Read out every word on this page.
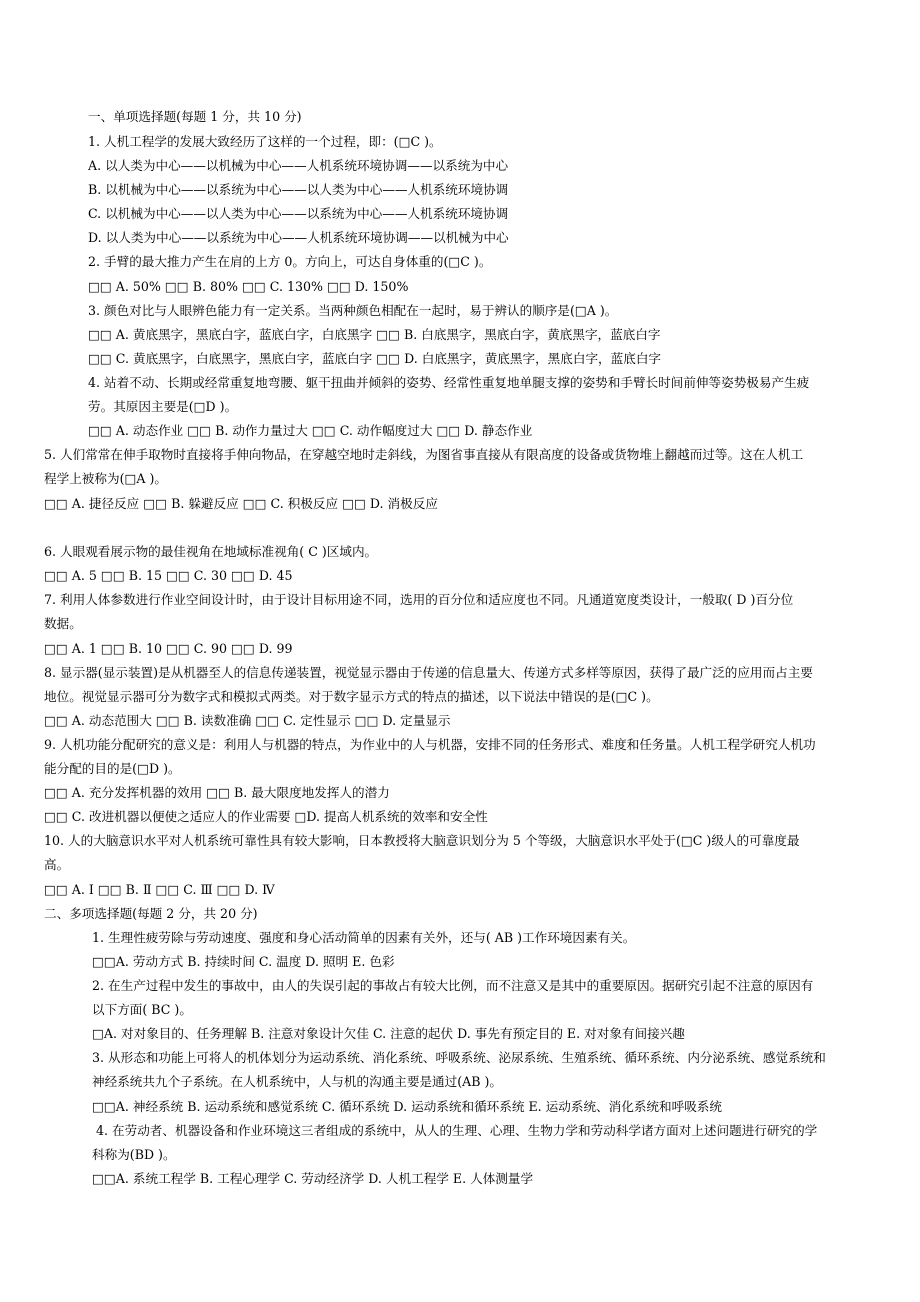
一、单项选择题(每题 1 分，共 10 分)
1. 人机工程学的发展大致经历了这样的一个过程，即：(□C )。
A. 以人类为中心——以机械为中心——人机系统环境协调——以系统为中心
B. 以机械为中心——以系统为中心——以人类为中心——人机系统环境协调
C. 以机械为中心——以人类为中心——以系统为中心——人机系统环境协调
D. 以人类为中心——以系统为中心——人机系统环境协调——以机械为中心
2. 手臂的最大推力产生在肩的上方 0。方向上，可达自身体重的(□C )。
□□ A. 50% □□ B. 80% □□ C. 130% □□ D. 150%
3. 颜色对比与人眼辨色能力有一定关系。当两种颜色相配在一起时，易于辨认的顺序是(□A )。
□□ A. 黄底黑字，黑底白字，蓝底白字，白底黑字 □□ B. 白底黑字，黑底白字，黄底黑字，蓝底白字
□□ C. 黄底黑字，白底黑字，黑底白字，蓝底白字 □□ D. 白底黑字，黄底黑字，黑底白字，蓝底白字
4. 站着不动、长期或经常重复地弯腰、躯干扭曲并倾斜的姿势、经常性重复地单腿支撑的姿势和手臂长时间前伸等姿势极易产生疲
劳。其原因主要是(□D )。
□□ A. 动态作业 □□ B. 动作力量过大 □□ C. 动作幅度过大 □□ D. 静态作业
5. 人们常常在伸手取物时直接将手伸向物品，在穿越空地时走斜线，为图省事直接从有限高度的设备或货物堆上翻越而过等。这在人机工
程学上被称为(□A )。
□□ A. 捷径反应 □□ B. 躲避反应 □□ C. 积极反应 □□ D. 消极反应
6. 人眼观看展示物的最佳视角在地域标准视角( C )区域内。
□□ A. 5 □□ B. 15 □□ C. 30 □□ D. 45
7. 利用人体参数进行作业空间设计时，由于设计目标用途不同，选用的百分位和适应度也不同。凡通道宽度类设计，一般取( D )百分位
数据。
□□ A. 1 □□ B. 10 □□ C. 90 □□ D. 99
8. 显示器(显示装置)是从机器至人的信息传递装置，视觉显示器由于传递的信息量大、传递方式多样等原因，获得了最广泛的应用而占主要
地位。视觉显示器可分为数字式和模拟式两类。对于数字显示方式的特点的描述，以下说法中错误的是(□C )。
□□ A. 动态范围大 □□ B. 读数准确 □□ C. 定性显示 □□ D. 定量显示
9. 人机功能分配研究的意义是：利用人与机器的特点，为作业中的人与机器，安排不同的任务形式、难度和任务量。人机工程学研究人机功
能分配的目的是(□D )。
□□ A. 充分发挥机器的效用 □□ B. 最大限度地发挥人的潜力
□□ C. 改进机器以便使之适应人的作业需要 □D. 提高人机系统的效率和安全性
10. 人的大脑意识水平对人机系统可靠性具有较大影响，日本教授将大脑意识划分为 5 个等级，大脑意识水平处于(□C )级人的可靠度最
高。
□□ A. Ⅰ □□ B. Ⅱ □□ C. Ⅲ □□ D. Ⅳ
二、多项选择题(每题 2 分，共 20 分)
1. 生理性疲劳除与劳动速度、强度和身心活动简单的因素有关外，还与( AB )工作环境因素有关。
□□A. 劳动方式 B. 持续时间 C. 温度 D. 照明 E. 色彩
2. 在生产过程中发生的事故中，由人的失误引起的事故占有较大比例，而不注意又是其中的重要原因。据研究引起不注意的原因有
以下方面( BC )。
□A. 对对象目的、任务理解 B. 注意对象设计欠佳 C. 注意的起伏 D. 事先有预定目的 E. 对对象有间接兴趣
3. 从形态和功能上可将人的机体划分为运动系统、消化系统、呼吸系统、泌尿系统、生殖系统、循环系统、内分泌系统、感觉系统和
神经系统共九个子系统。在人机系统中，人与机的沟通主要是通过(AB )。
□□A. 神经系统 B. 运动系统和感觉系统 C. 循环系统 D. 运动系统和循环系统 E. 运动系统、消化系统和呼吸系统
4. 在劳动者、机器设备和作业环境这三者组成的系统中，从人的生理、心理、生物力学和劳动科学诸方面对上述问题进行研究的学
科称为(BD )。
□□A. 系统工程学 B. 工程心理学 C. 劳动经济学 D. 人机工程学 E. 人体测量学
